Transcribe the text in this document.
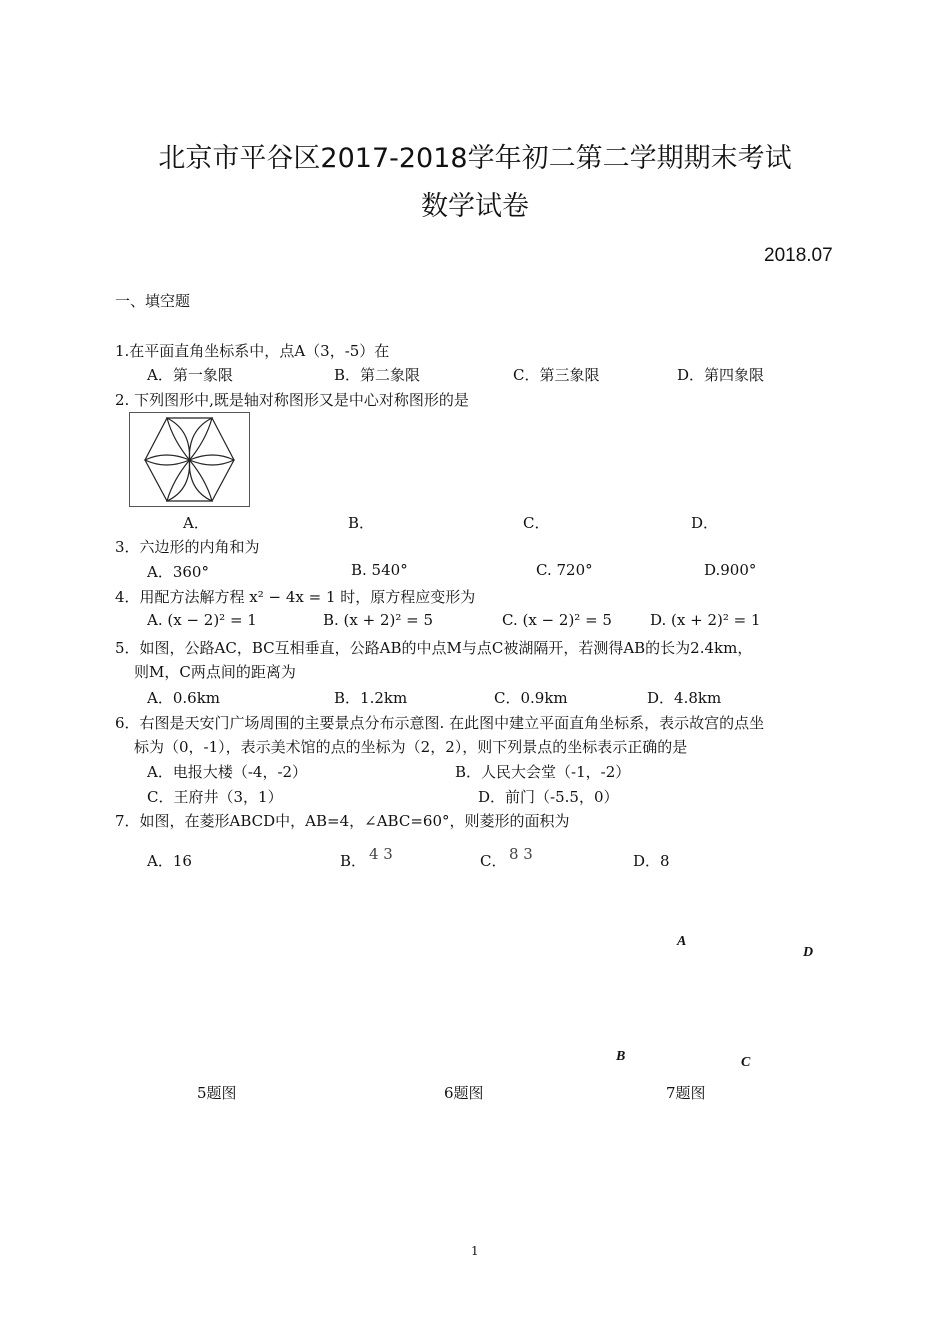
北京市平谷区2017-2018学年初二第二学期期末考试
数学试卷
2018.07
一、填空题
1.在平面直角坐标系中，点A（3，-5）在
A．第一象限	B．第二象限	C．第三象限	D．第四象限
2. 下列图形中,既是轴对称图形又是中心对称图形的是
A．	B．	C．	D．
3．六边形的内角和为
A．360°	B. 540°	C. 720°	D.900°
4．用配方法解方程 x² − 4x = 1 时，原方程应变形为
A. (x − 2)² = 1	B. (x + 2)² = 5	C. (x − 2)² = 5	D. (x + 2)² = 1
5．如图，公路AC，BC互相垂直，公路AB的中点M与点C被湖隔开，若测得AB的长为2.4km，
则M，C两点间的距离为
A．0.6km	B．1.2km	C．0.9km	D．4.8km
6．右图是天安门广场周围的主要景点分布示意图. 在此图中建立平面直角坐标系，表示故宫的点坐
标为（0，-1），表示美术馆的点的坐标为（2，2），则下列景点的坐标表示正确的是
A．电报大楼（-4，-2）	B．人民大会堂（-1，-2）
C．王府井（3，1）	D．前门（-5.5，0）
7．如图，在菱形ABCD中，AB=4，∠ABC=60°，则菱形的面积为
A．16	B． 4 3	C． 8 3	D．8
A
D
B	C
5题图	6题图	7题图
1
